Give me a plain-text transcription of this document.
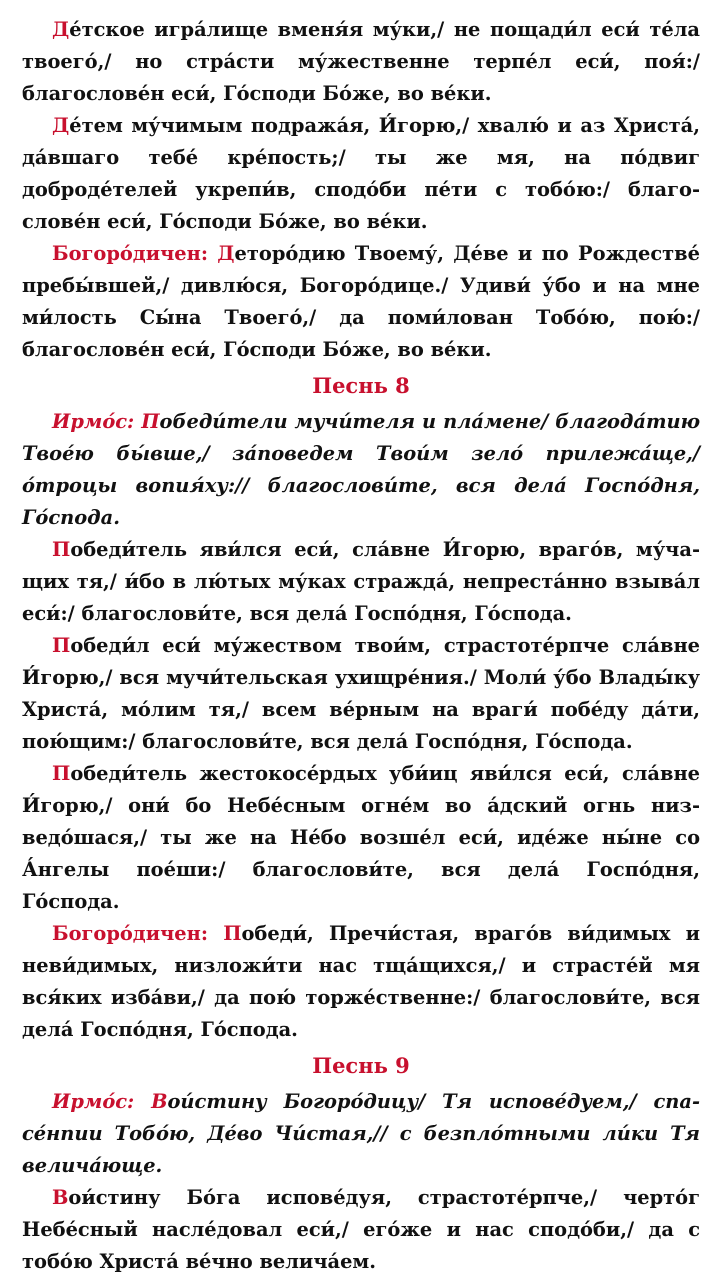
Де́тское игра́лище вменя́я му́ки,/ не пощади́л еси́ те́ла твоего́,/ но стра́сти му́жественне терпе́л еси́, поя́:/ благослове́н еси́, Го́споди Бо́же, во ве́ки.

Де́тем му́чимым подража́я, И́горю,/ хвалю́ и аз Христа́, да́вшаго тебе́ кре́пость;/ ты же мя, на по́двиг доброде́телей укрепи́в, сподо́би пе́ти с тобо́ю:/ благослове́н еси́, Го́споди Бо́же, во ве́ки.

Богоро́дичен: Деторо́дию Твоему́, Де́ве и по Рождестве́ пребы́вшей,/ дивлю́ся, Богоро́дице./ Удиви́ у́бо и на мне ми́лость Сы́на Твоего́,/ да поми́лован Тобо́ю, пою́:/ благослове́н еси́, Го́споди Бо́же, во ве́ки.

Песнь 8

Ирмо́с: Победи́тели мучи́теля и пла́мене/ благода́тию Твое́ю бы́вше,/ за́поведем Твои́м зело́ прилежа́ще,/ о́троцы вопия́ху:// благослови́те, вся дела́ Госпо́дня, Го́спода.

Победи́тель яви́лся еси́, сла́вне И́горю, враго́в, му́чащих тя,/ и́бо в лю́тых му́ках стражда́, непреста́нно взыва́л еси́:/ благослови́те, вся дела́ Госпо́дня, Го́спода.

Победи́л еси́ му́жеством твои́м, страстоте́рпче сла́вне И́горю,/ вся мучи́тельская ухищре́ния./ Моли́ у́бо Влады́ку Христа́, мо́лим тя,/ всем ве́рным на враги́ побе́ду да́ти, пою́щим:/ благослови́те, вся дела́ Госпо́дня, Го́спода.

Победи́тель жестокосе́рдых уби́иц яви́лся еси́, сла́вне И́горю,/ они́ бо Небе́сным огне́м во а́дский огнь низведо́шася,/ ты же на Не́бо возше́л еси́, иде́же ны́не со А́нгелы пое́ши:/ благослови́те, вся дела́ Госпо́дня, Го́спода.

Богоро́дичен: Победи́, Пречи́стая, враго́в ви́димых и неви́димых, низложи́ти нас тща́щихся,/ и страсте́й мя вся́ких изба́ви,/ да пою́ торже́ственне:/ благослови́те, вся дела́ Госпо́дня, Го́спода.

Песнь 9

Ирмо́с: Вои́стину Богоро́дицу/ Тя испове́дуем,/ спасе́нnии Тобо́ю, Де́во Чи́стая,// с безпло́тными ли́ки Тя велича́юще.

Вои́стину Бо́га испове́дуя, страстоте́рпче,/ черто́г Небе́сный насле́довал еси́,/ его́же и нас сподо́би,/ да с тобо́ю Христа́ ве́чно велича́ем.
